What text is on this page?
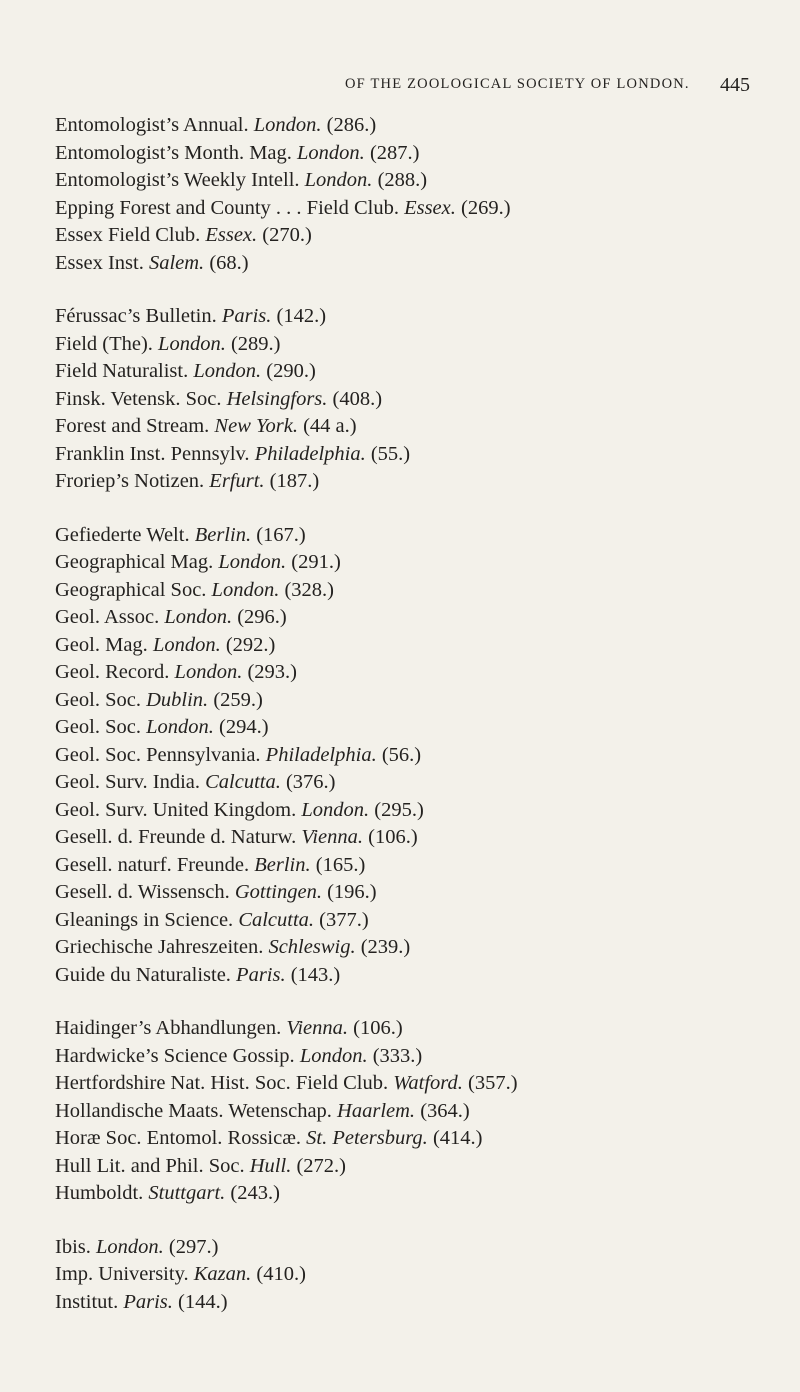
OF THE ZOOLOGICAL SOCIETY OF LONDON. 445
Entomologist’s Annual. London. (286.)
Entomologist’s Month. Mag. London. (287.)
Entomologist’s Weekly Intell. London. (288.)
Epping Forest and County . . . Field Club. Essex. (269.)
Essex Field Club. Essex. (270.)
Essex Inst. Salem. (68.)
Férussac’s Bulletin. Paris. (142.)
Field (The). London. (289.)
Field Naturalist. London. (290.)
Finsk. Vetensk. Soc. Helsingfors. (408.)
Forest and Stream. New York. (44 a.)
Franklin Inst. Pennsylv. Philadelphia. (55.)
Froriep’s Notizen. Erfurt. (187.)
Gefiederte Welt. Berlin. (167.)
Geographical Mag. London. (291.)
Geographical Soc. London. (328.)
Geol. Assoc. London. (296.)
Geol. Mag. London. (292.)
Geol. Record. London. (293.)
Geol. Soc. Dublin. (259.)
Geol. Soc. London. (294.)
Geol. Soc. Pennsylvania. Philadelphia. (56.)
Geol. Surv. India. Calcutta. (376.)
Geol. Surv. United Kingdom. London. (295.)
Gesell. d. Freunde d. Naturw. Vienna. (106.)
Gesell. naturf. Freunde. Berlin. (165.)
Gesell. d. Wissensch. Gottingen. (196.)
Gleanings in Science. Calcutta. (377.)
Griechische Jahreszeiten. Schleswig. (239.)
Guide du Naturaliste. Paris. (143.)
Haidinger’s Abhandlungen. Vienna. (106.)
Hardwicke’s Science Gossip. London. (333.)
Hertfordshire Nat. Hist. Soc. Field Club. Watford. (357.)
Hollandische Maats. Wetenschap. Haarlem. (364.)
Horæ Soc. Entomol. Rossicæ. St. Petersburg. (414.)
Hull Lit. and Phil. Soc. Hull. (272.)
Humboldt. Stuttgart. (243.)
Ibis. London. (297.)
Imp. University. Kazan. (410.)
Institut. Paris. (144.)
